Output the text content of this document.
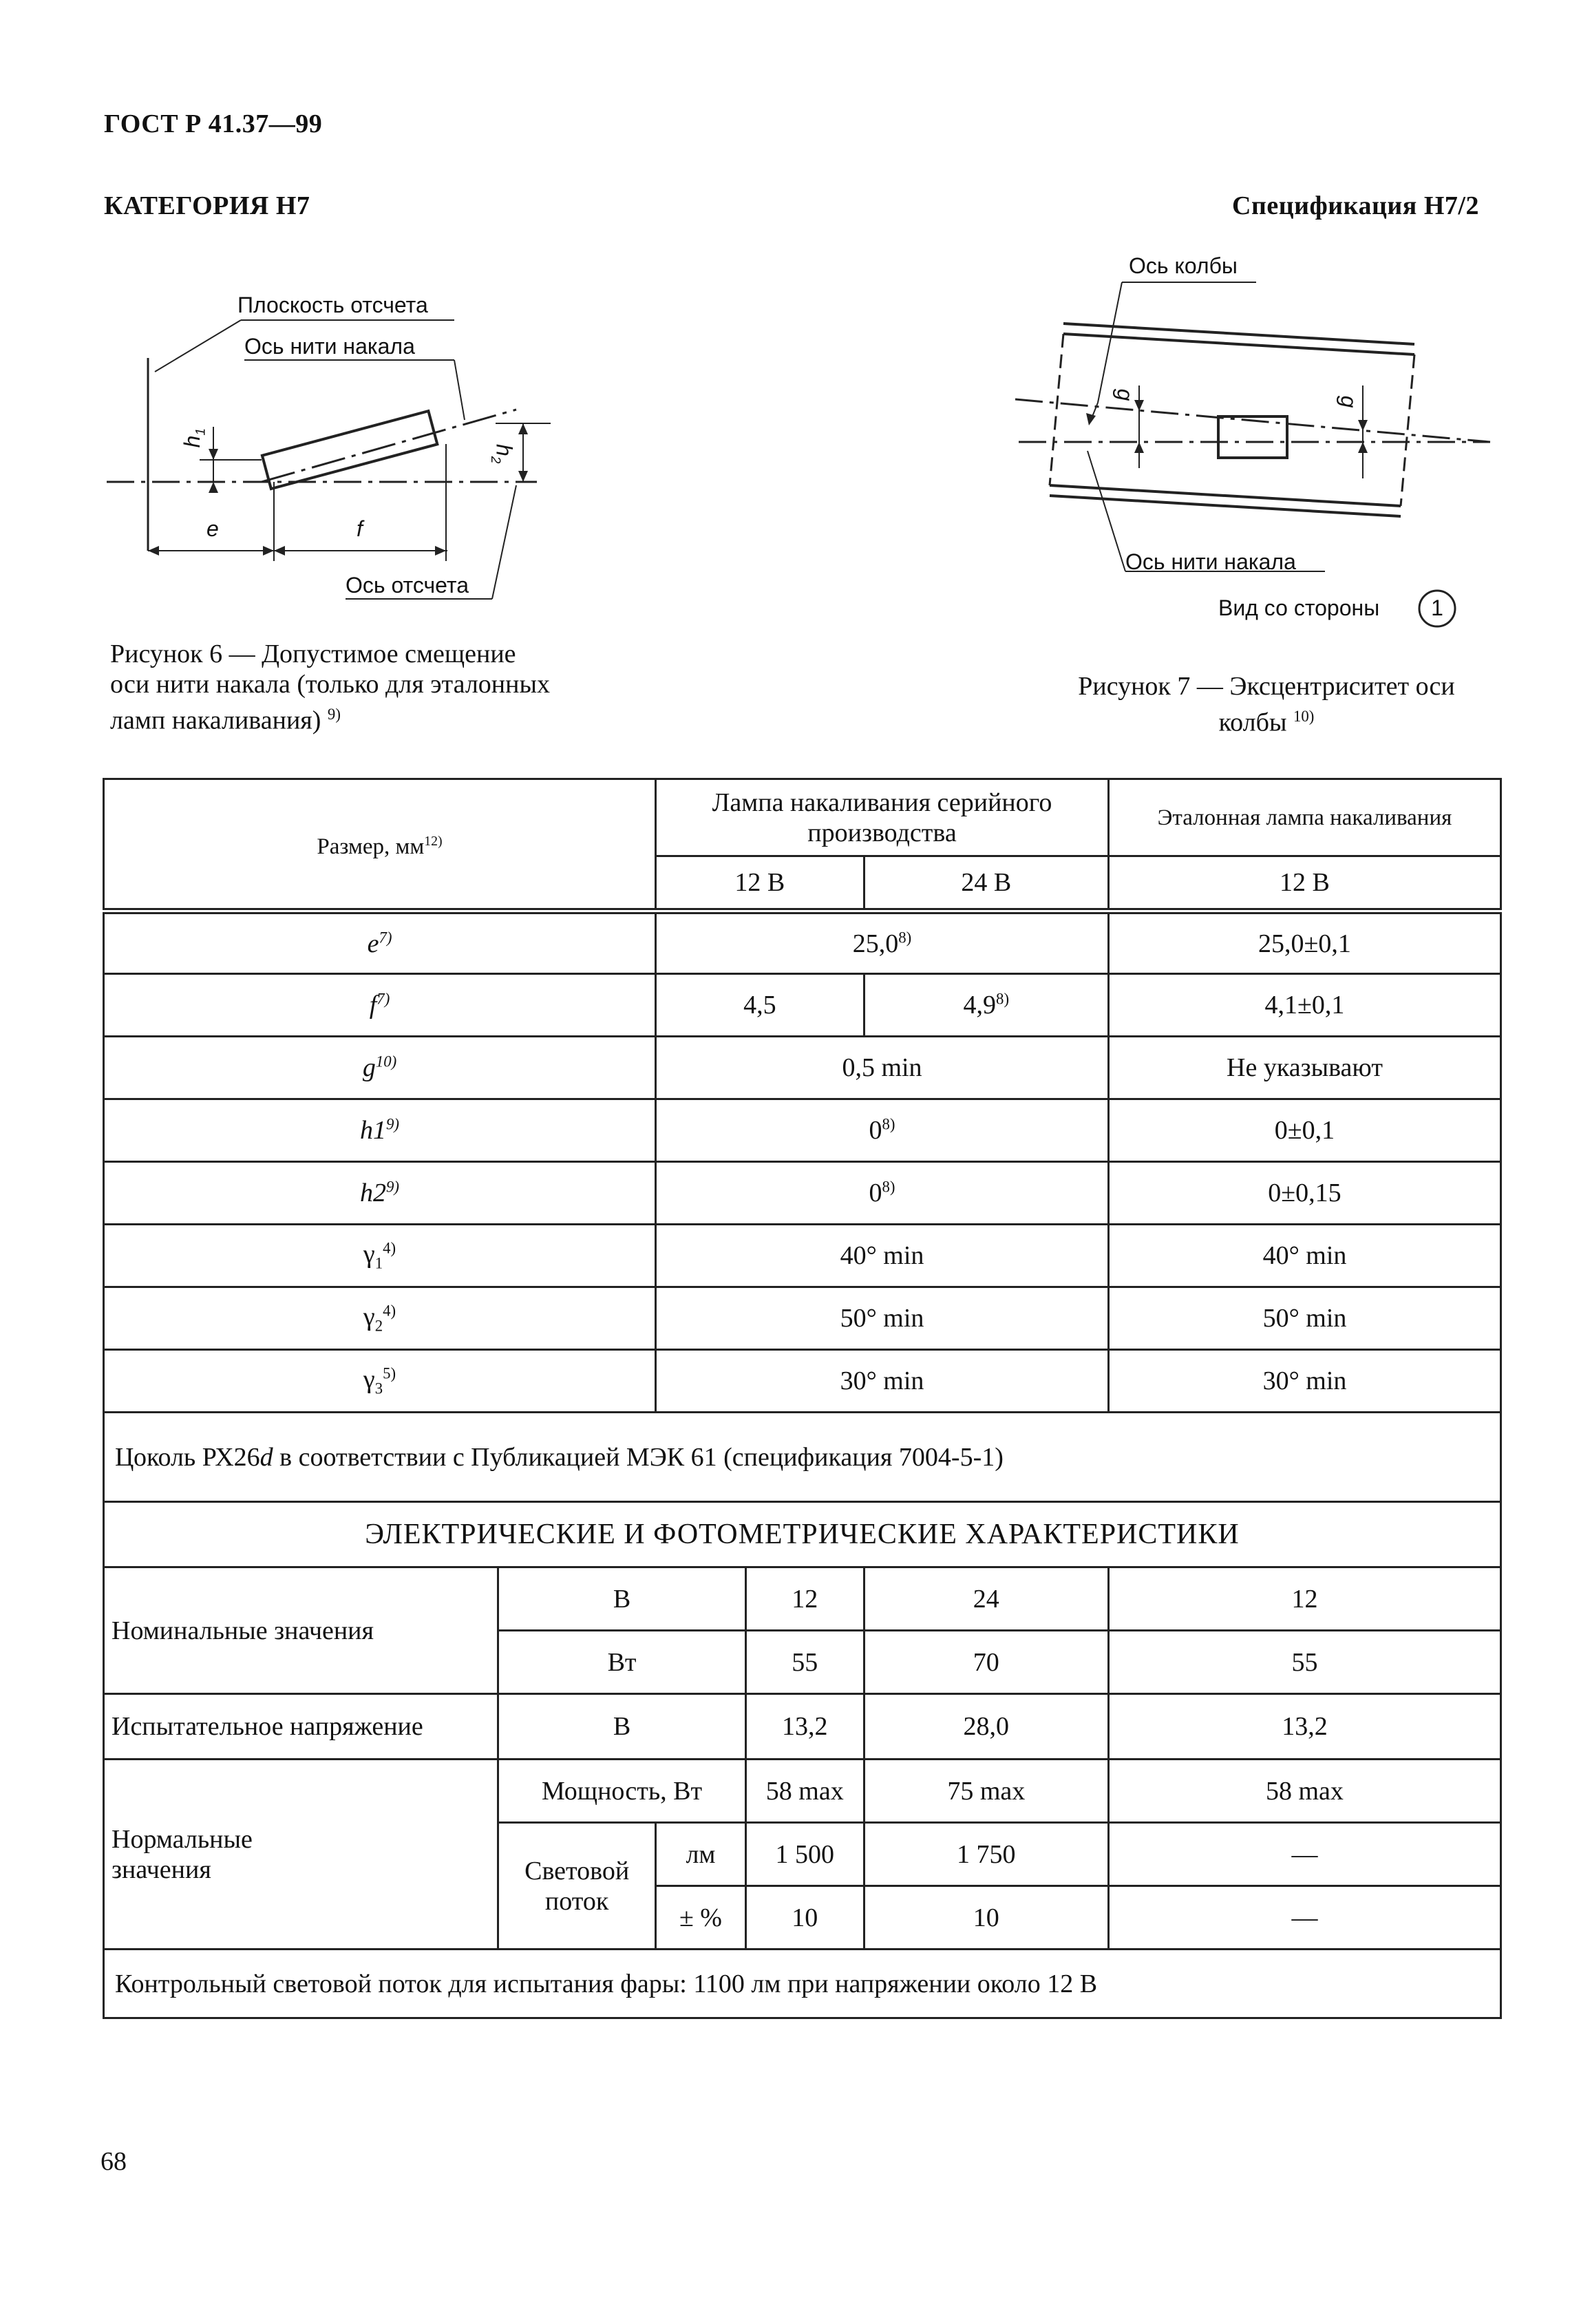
ГОСТ Р 41.37—99
КАТЕГОРИЯ Н7	Спецификация Н7/2
Плоскость отсчета
Ось нити накала
Ось отсчета
$h_1$
$h_2$
e	f
Рисунок 6 — Допустимое смещение оси нити накала (только для эталонных ламп накаливания) $^{9)}$
Ось колбы
Ось нити накала
g
g
Вид со стороны 1
Рисунок 7 — Эксцентриситет оси колбы $^{10)}$
Размер, $мм^{12)}$		Лампа накаливания серийного производства			Эталонная лампа накаливания
		12 В		24 В	12 В
$e^{7)}$		25,0$^{8)}$			25,0±0,1
$f^{7)}$		4,5		4,9$^{8)}$	4,1±0,1
$g^{10)}$		0,5 min			Не указывают
h1$^{9)}$		0$^{8)}$			0±0,1
h2$^{9)}$		0$^{8)}$			0±0,15
$\gamma_1^{4)}$		40° min			40° min
$\gamma_2^{4)}$		50° min			50° min
$\gamma_3^{5)}$		30° min			30° min
Цоколь РХ26d в соответствии с Публикацией МЭК 61 (спецификация 7004-5-1)					
ЭЛЕКТРИЧЕСКИЕ И ФОТОМЕТРИЧЕСКИЕ ХАРАКТЕРИСТИКИ					
Номинальные значения	В		12	24	12
	Вт		55	70	55
Испытательное напряжение	В		13,2	28,0	13,2

Нормальные
значения	Мощность, Вт		58 max	75 max	58 max

	Световой
поток	лм	1 500	1 750	—
		± %	10	10	—
Контрольный световой поток для испытания фары: 1100 лм при напряжении около 12 В					
68
